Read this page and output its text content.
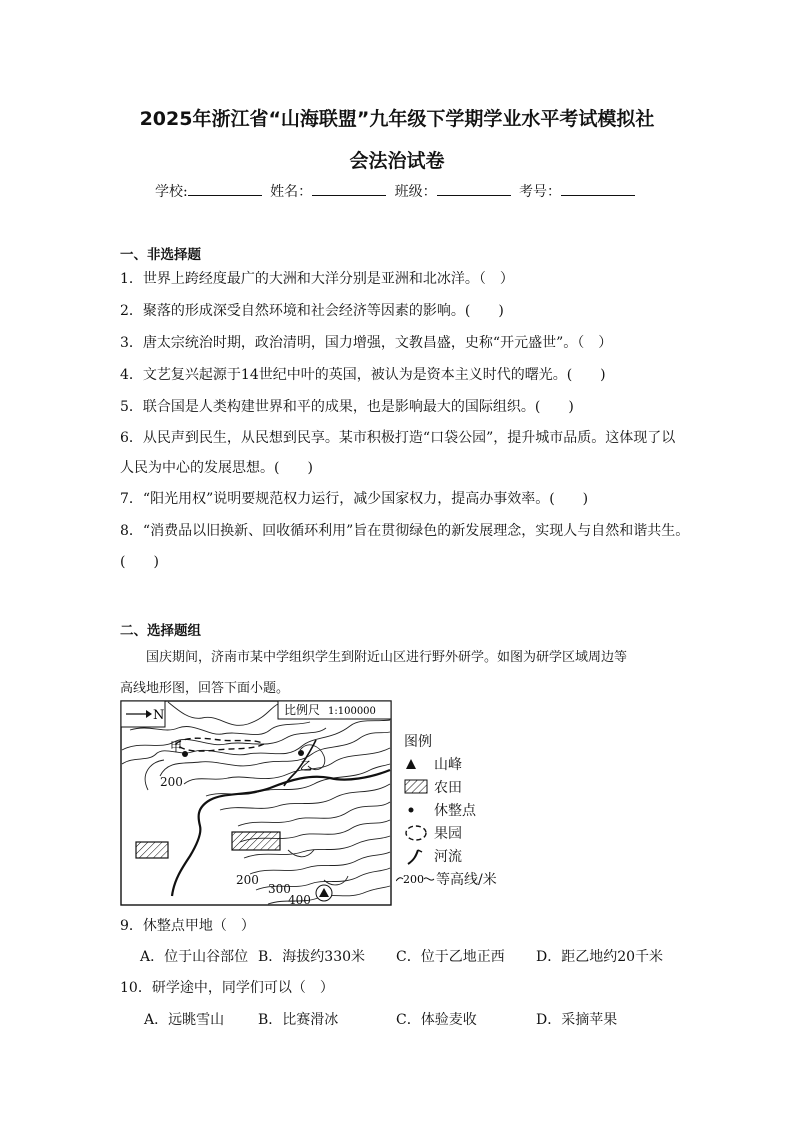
2025年浙江省“山海联盟”九年级下学期学业水平考试模拟社
会法治试卷
学校:	姓名：	班级：	考号：
一、非选择题
1．世界上跨经度最广的大洲和大洋分别是亚洲和北冰洋。（　）
2．聚落的形成深受自然环境和社会经济等因素的影响。(　　)
3．唐太宗统治时期，政治清明，国力增强，文教昌盛，史称“开元盛世”。（　）
4．文艺复兴起源于14世纪中叶的英国，被认为是资本主义时代的曙光。(　　)
5．联合国是人类构建世界和平的成果，也是影响最大的国际组织。(　　)
6．从民声到民生，从民想到民享。某市积极打造“口袋公园”，提升城市品质。这体现了以
人民为中心的发展思想。(　　)
7．“阳光用权”说明要规范权力运行，减少国家权力，提高办事效率。(　　)
8．“消费品以旧换新、回收循环利用”旨在贯彻绿色的新发展理念，实现人与自然和谐共生。
(　　)
二、选择题组
国庆期间，济南市某中学组织学生到附近山区进行野外研学。如图为研学区域周边等
高线地形图，回答下面小题。
N	比例尺 1:100000
甲
乙
200
200
300
400
图例
山峰
农田
休整点
果园
河流
200 等高线/米
9．休整点甲地（　）
A．位于山谷部位 B．海拔约330米 C．位于乙地正西 D．距乙地约20千米
10．研学途中，同学们可以（　）
A．远眺雪山 B．比赛滑冰	C．体验麦收	D．采摘苹果
